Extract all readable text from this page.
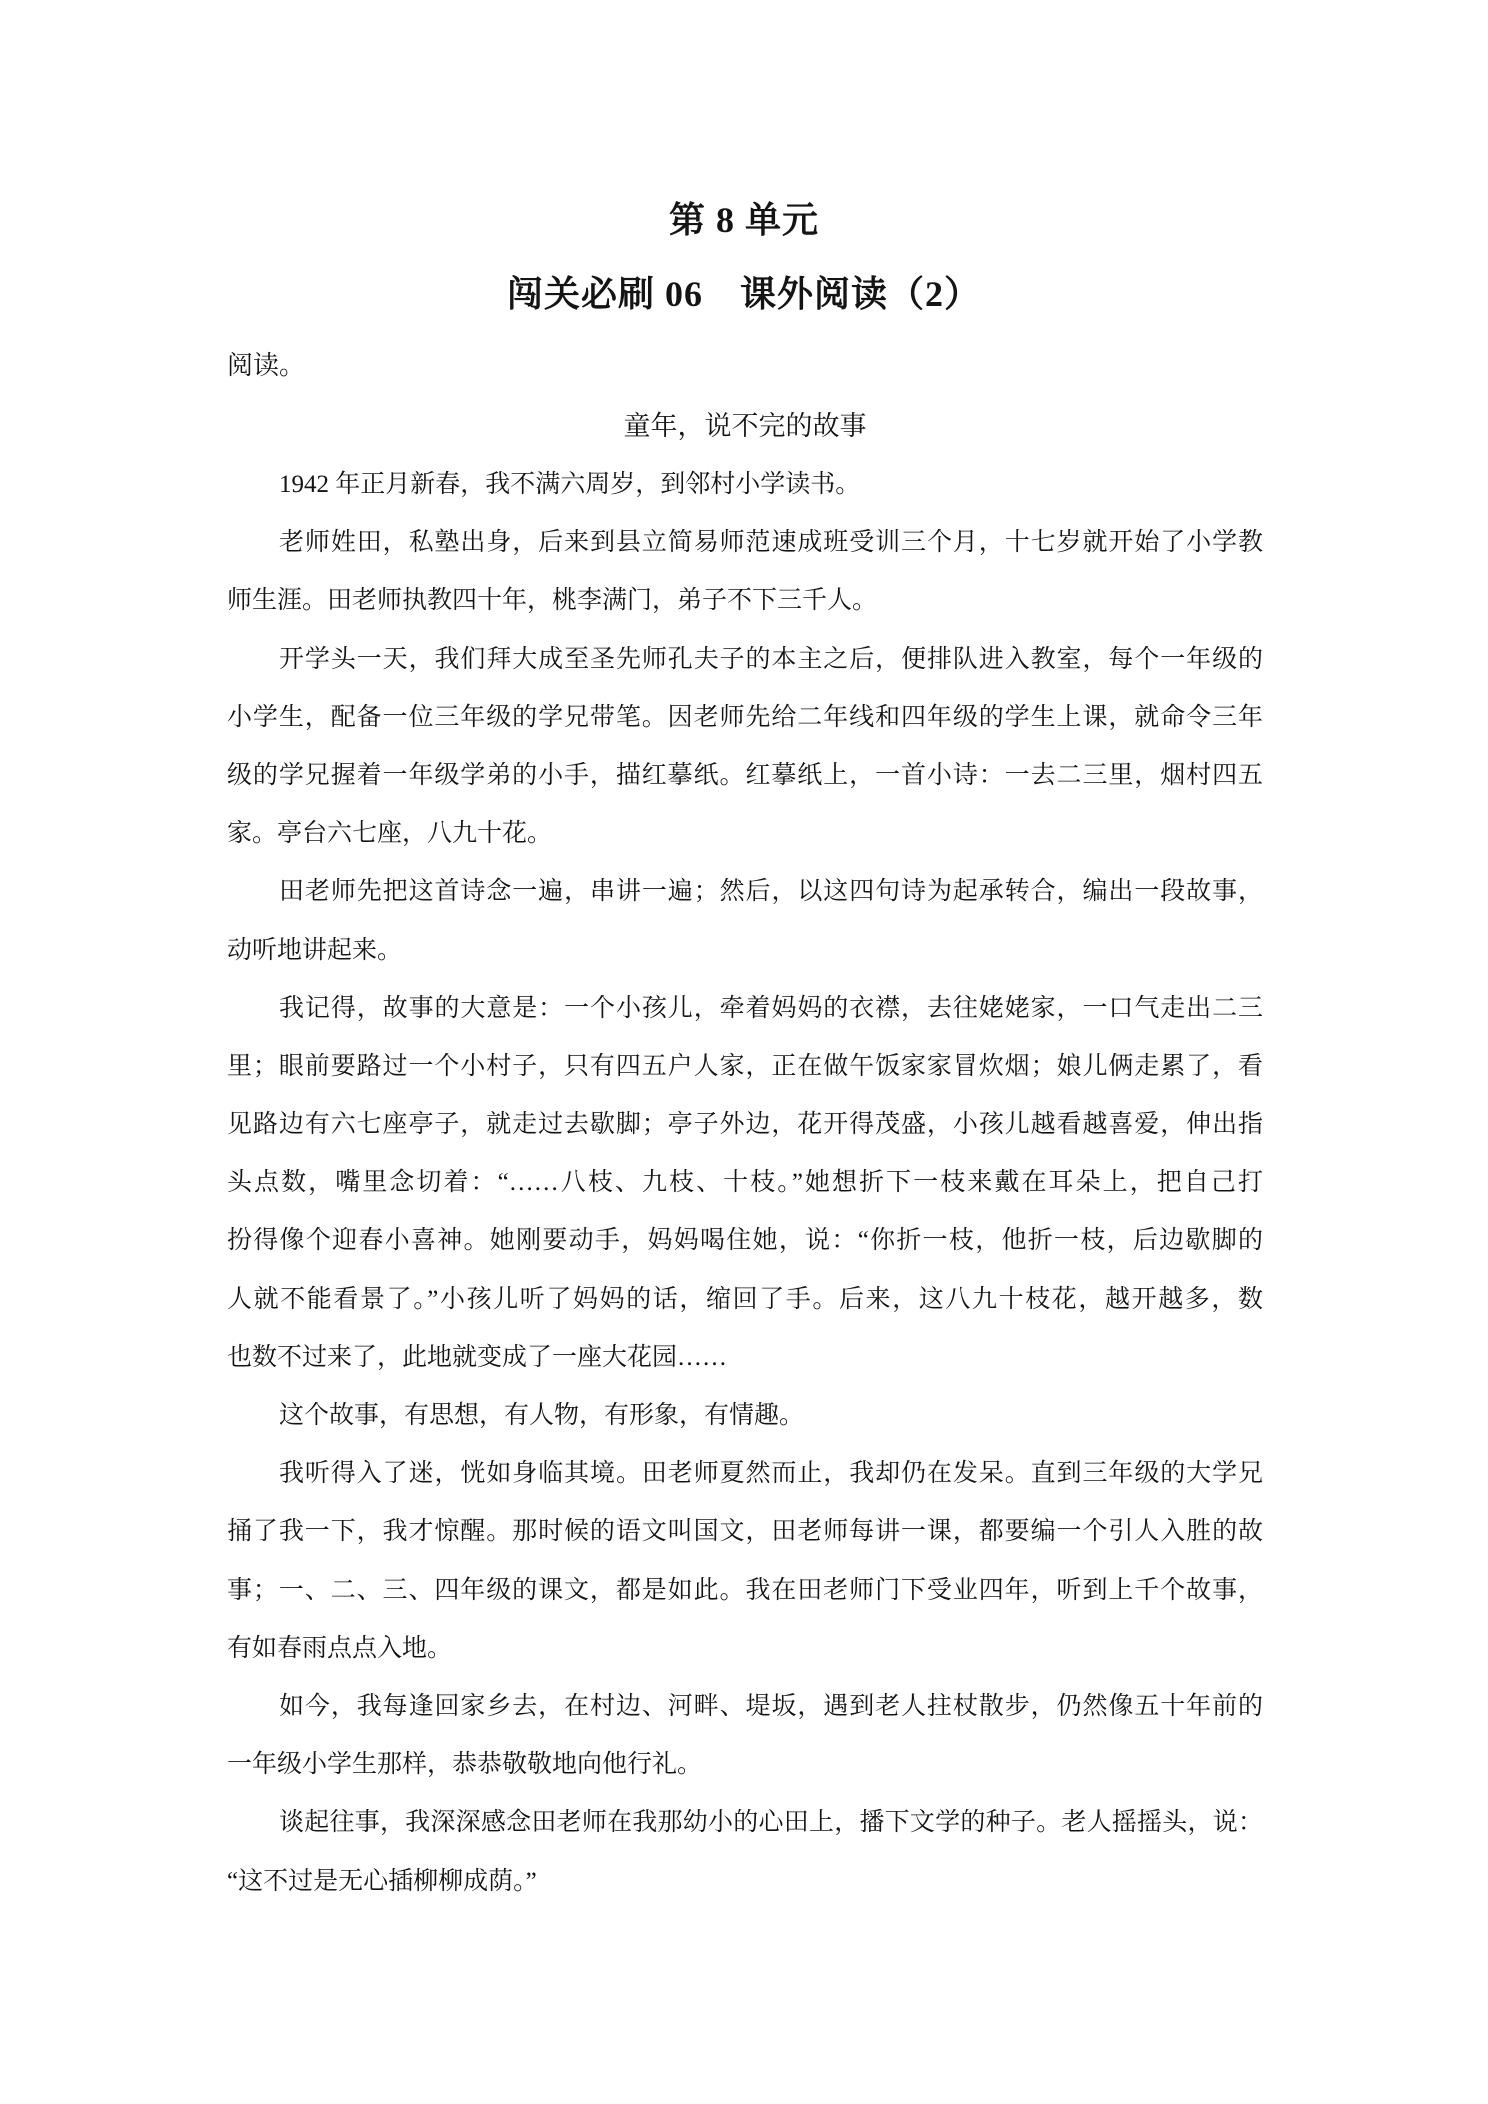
第 8 单元
闯关必刷 06　课外阅读（2）
阅读。
童年，说不完的故事
1942 年正月新春，我不满六周岁，到邻村小学读书。
老师姓田，私塾出身，后来到县立简易师范速成班受训三个月，十七岁就开始了小学教
师生涯。田老师执教四十年，桃李满门，弟子不下三千人。
开学头一天，我们拜大成至圣先师孔夫子的本主之后，便排队进入教室，每个一年级的
小学生，配备一位三年级的学兄带笔。因老师先给二年线和四年级的学生上课，就命令三年
级的学兄握着一年级学弟的小手，描红摹纸。红摹纸上，一首小诗：一去二三里，烟村四五
家。亭台六七座，八九十花。
田老师先把这首诗念一遍，串讲一遍；然后，以这四句诗为起承转合，编出一段故事，
动听地讲起来。
我记得，故事的大意是：一个小孩儿，牵着妈妈的衣襟，去往姥姥家，一口气走出二三
里；眼前要路过一个小村子，只有四五户人家，正在做午饭家家冒炊烟；娘儿俩走累了，看
见路边有六七座亭子，就走过去歇脚；亭子外边，花开得茂盛，小孩儿越看越喜爱，伸出指
头点数，嘴里念切着：“……八枝、九枝、十枝。”她想折下一枝来戴在耳朵上，把自己打
扮得像个迎春小喜神。她刚要动手，妈妈喝住她，说：“你折一枝，他折一枝，后边歇脚的
人就不能看景了。”小孩儿听了妈妈的话，缩回了手。后来，这八九十枝花，越开越多，数
也数不过来了，此地就变成了一座大花园……
这个故事，有思想，有人物，有形象，有情趣。
我听得入了迷，恍如身临其境。田老师夏然而止，我却仍在发呆。直到三年级的大学兄
捅了我一下，我才惊醒。那时候的语文叫国文，田老师每讲一课，都要编一个引人入胜的故
事；一、二、三、四年级的课文，都是如此。我在田老师门下受业四年，听到上千个故事，
有如春雨点点入地。
如今，我每逢回家乡去，在村边、河畔、堤坂，遇到老人拄杖散步，仍然像五十年前的
一年级小学生那样，恭恭敬敬地向他行礼。
谈起往事，我深深感念田老师在我那幼小的心田上，播下文学的种子。老人摇摇头，说：
“这不过是无心插柳柳成荫。”
